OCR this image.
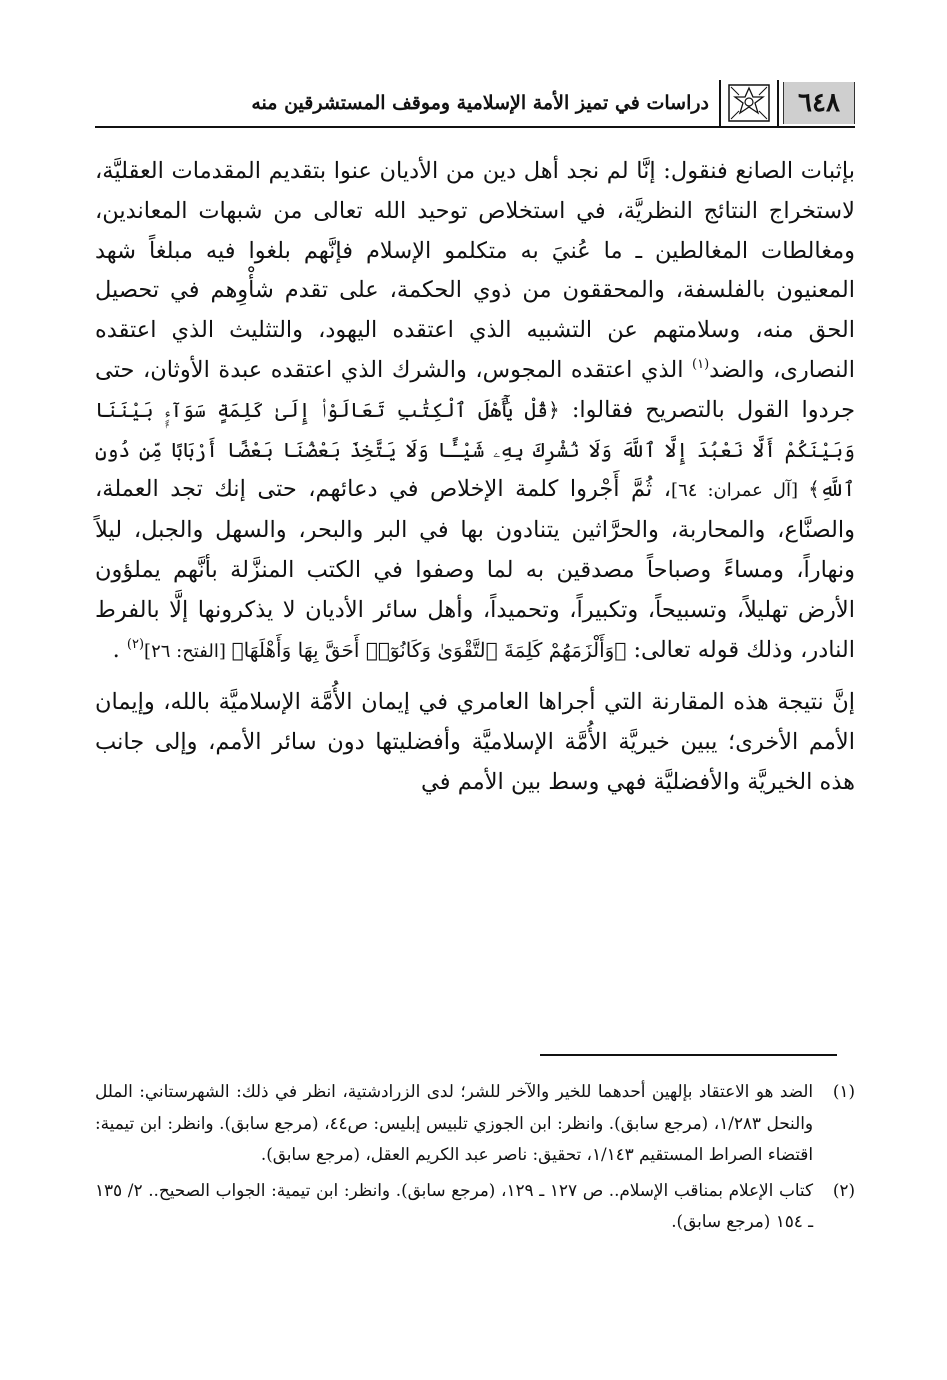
٦٤٨
دراسات في تميز الأمة الإسلامية وموقف المستشرقين منه

بإثبات الصانع فنقول: إنَّا لم نجد أهل دين من الأديان عنوا بتقديم المقدمات العقليَّة، لاستخراج النتائج النظريَّة، في استخلاص توحيد الله تعالى من شبهات المعاندين، ومغالطات المغالطين ـ ما عُنيَ به متكلمو الإسلام فإنَّهم بلغوا فيه مبلغاً شهد المعنيون بالفلسفة، والمحققون من ذوي الحكمة، على تقدم شأْوِهم في تحصيل الحق منه، وسلامتهم عن التشبيه الذي اعتقده اليهود، والتثليث الذي اعتقده النصارى، والضد$^{(١)}$ الذي اعتقده المجوس، والشرك الذي اعتقده عبدة الأوثان، حتى جردوا القول بالتصريح فقالوا: ﴿قُلْ يَٰٓأَهْلَ ٱلْكِتَٰبِ تَعَالَوْا۟ إِلَىٰ كَلِمَةٍ سَوَآءٍۭ بَيْنَنَا وَبَيْنَكُمْ أَلَّا نَعْبُدَ إِلَّا ٱللَّهَ وَلَا نُشْرِكَ بِهِۦ شَيْـًٔا وَلَا يَتَّخِذَ بَعْضُنَا بَعْضًا أَرْبَابًا مِّن دُونِ ٱللَّهِ﴾ [آل عمران: ٦٤]، ثُمَّ أَجْروا كلمة الإخلاص في دعائهم، حتى إنك تجد العملة، والصنَّاع، والمحاربة، والحرَّاثين يتنادون بها في البر والبحر، والسهل والجبل، ليلاً ونهاراً، ومساءً وصباحاً مصدقين به لما وصفوا في الكتب المنزَّلة بأنَّهم يملؤون الأرض تهليلاً، وتسبيحاً، وتكبيراً، وتحميداً، وأهل سائر الأديان لا يذكرونها إلَّا بالفرط النادر، وذلك قوله تعالى: ﴿وَأَلْزَمَهُمْ كَلِمَةَ ٱلتَّقْوَىٰ وَكَانُوٓا۟ أَحَقَّ بِهَا وَأَهْلَهَا﴾ [الفتح: ٢٦]$^{(٢)}$ .

إنَّ نتيجة هذه المقارنة التي أجراها العامري في إيمان الأُمَّة الإسلاميَّة بالله، وإيمان الأمم الأخرى؛ يبين خيريَّة الأُمَّة الإسلاميَّة وأفضليتها دون سائر الأمم، وإلى جانب هذه الخيريَّة والأفضليَّة فهي وسط بين الأمم في

(١)
الضد هو الاعتقاد بإلهين أحدهما للخير والآخر للشر؛ لدى الزرادشتية، انظر في ذلك: الشهرستاني: الملل والنحل ١/٢٨٣، (مرجع سابق). وانظر: ابن الجوزي تلبيس إبليس: ص٤٤، (مرجع سابق). وانظر: ابن تيمية: اقتضاء الصراط المستقيم ١/١٤٣، تحقيق: ناصر عبد الكريم العقل، (مرجع سابق).
(٢)
كتاب الإعلام بمناقب الإسلام.. ص ١٢٧ ـ ١٢٩، (مرجع سابق). وانظر: ابن تيمية: الجواب الصحيح.. ٢/ ١٣٥ ـ ١٥٤ (مرجع سابق).
